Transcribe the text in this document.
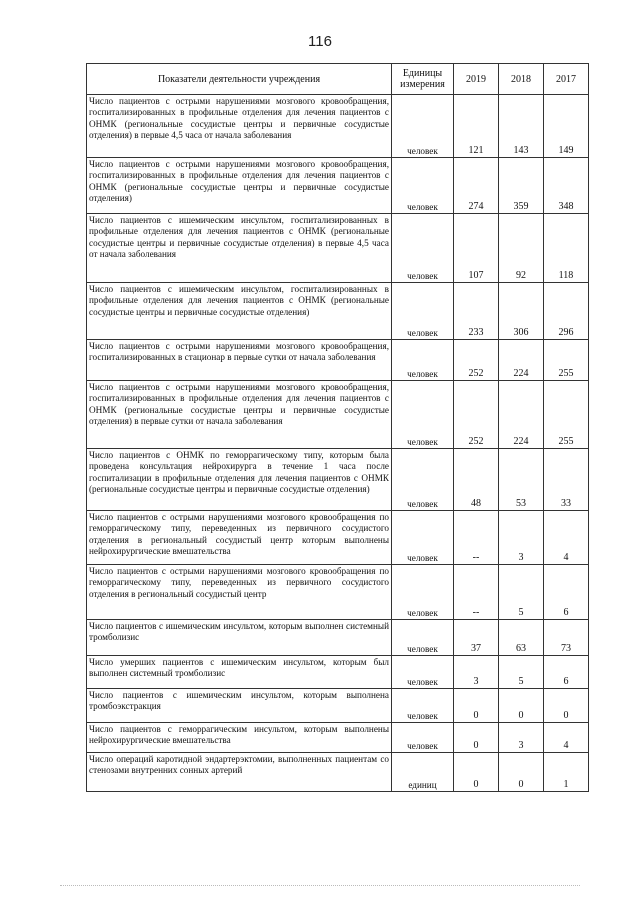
116
Показатели деятельности учреждения	Единицы измерения	2019	2018	2017
Число пациентов с острыми нарушениями мозгового кровообращения, госпитализированных в профильные отделения для лечения пациентов с ОНМК (региональные сосудистые центры и первичные сосудистые отделения) в первые 4,5 часа от начала заболевания	человек	121	143	149
Число пациентов с острыми нарушениями мозгового кровообращения, госпитализированных в профильные отделения для лечения пациентов с ОНМК (региональные сосудистые центры и первичные сосудистые отделения)	человек	274	359	348
Число пациентов с ишемическим инсультом, госпитализированных в профильные отделения для лечения пациентов с ОНМК (региональные сосудистые центры и первичные сосудистые отделения) в первые 4,5 часа от начала заболевания	человек	107	92	118
Число пациентов с ишемическим инсультом, госпитализированных в профильные отделения для лечения пациентов с ОНМК (региональные сосудистые центры и первичные сосудистые отделения)	человек	233	306	296
Число пациентов с острыми нарушениями мозгового кровообращения, госпитализированных в стационар в первые сутки от начала заболевания	человек	252	224	255
Число пациентов с острыми нарушениями мозгового кровообращения, госпитализированных в профильные отделения для лечения пациентов с ОНМК (региональные сосудистые центры и первичные сосудистые отделения) в первые сутки от начала заболевания	человек	252	224	255
Число пациентов с ОНМК по геморрагическому типу, которым была проведена консультация нейрохирурга в течение 1 часа после госпитализации в профильные отделения для лечения пациентов с ОНМК (региональные сосудистые центры и первичные сосудистые отделения)	человек	48	53	33
Число пациентов с острыми нарушениями мозгового кровообращения по геморрагическому типу, переведенных из первичного сосудистого отделения в региональный сосудистый центр которым выполнены нейрохирургические вмешательства	человек	--	3	4
Число пациентов с острыми нарушениями мозгового кровообращения по геморрагическому типу, переведенных из первичного сосудистого отделения в региональный сосудистый центр	человек	--	5	6
Число пациентов с ишемическим инсультом, которым выполнен системный тромболизис	человек	37	63	73
Число умерших пациентов с ишемическим инсультом, которым был выполнен системный тромболизис	человек	3	5	6
Число пациентов с ишемическим инсультом, которым выполнена тромбоэкстракция	человек	0	0	0
Число пациентов с геморрагическим инсультом, которым выполнены нейрохирургические вмешательства	человек	0	3	4
Число операций каротидной эндартерэктомии, выполненных пациентам со стенозами внутренних сонных артерий	единиц	0	0	1
